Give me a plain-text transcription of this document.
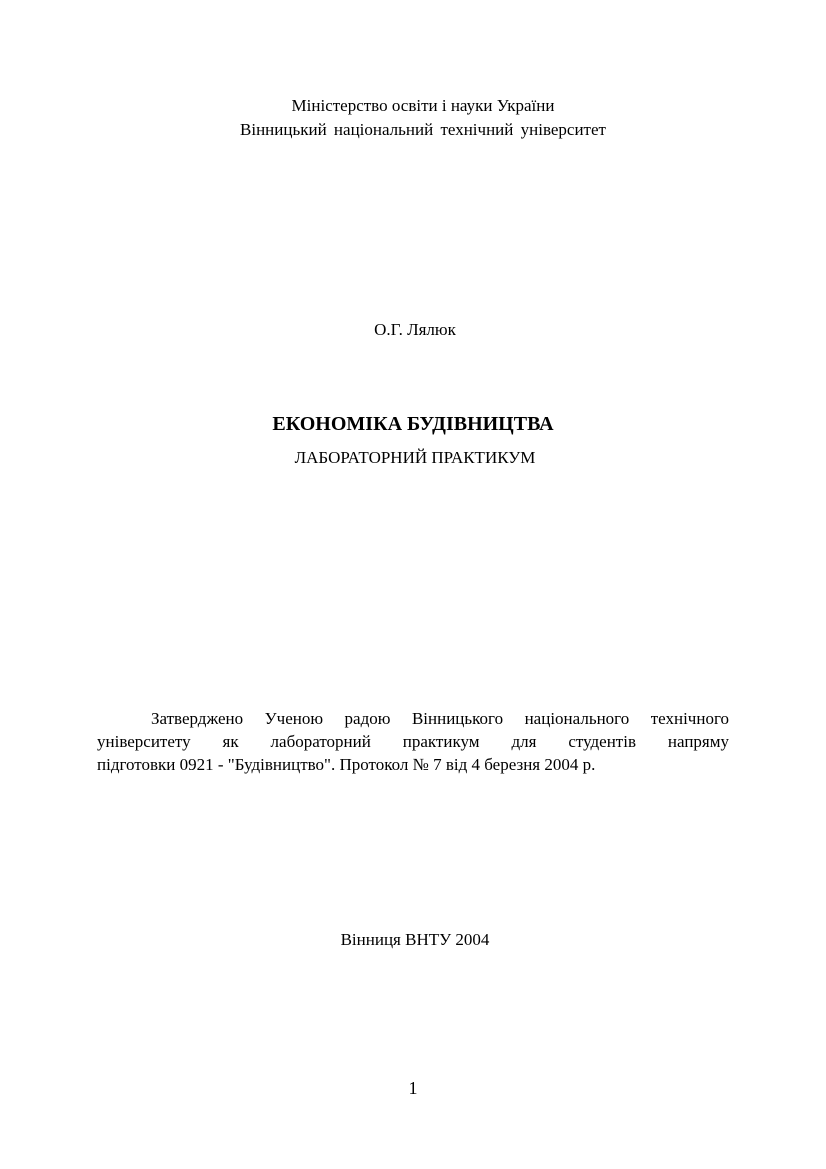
Міністерство освіти і науки України
Вінницький національний технічний університет
О.Г. Лялюк
ЕКОНОМІКА БУДІВНИЦТВА
ЛАБОРАТОРНИЙ ПРАКТИКУМ
Затверджено Ученою радою Вінницького національного технічного
університету як лабораторний практикум для студентів напряму
підготовки 0921 - "Будівництво". Протокол № 7 від 4 березня 2004 р.
Вінниця ВНТУ 2004
1
